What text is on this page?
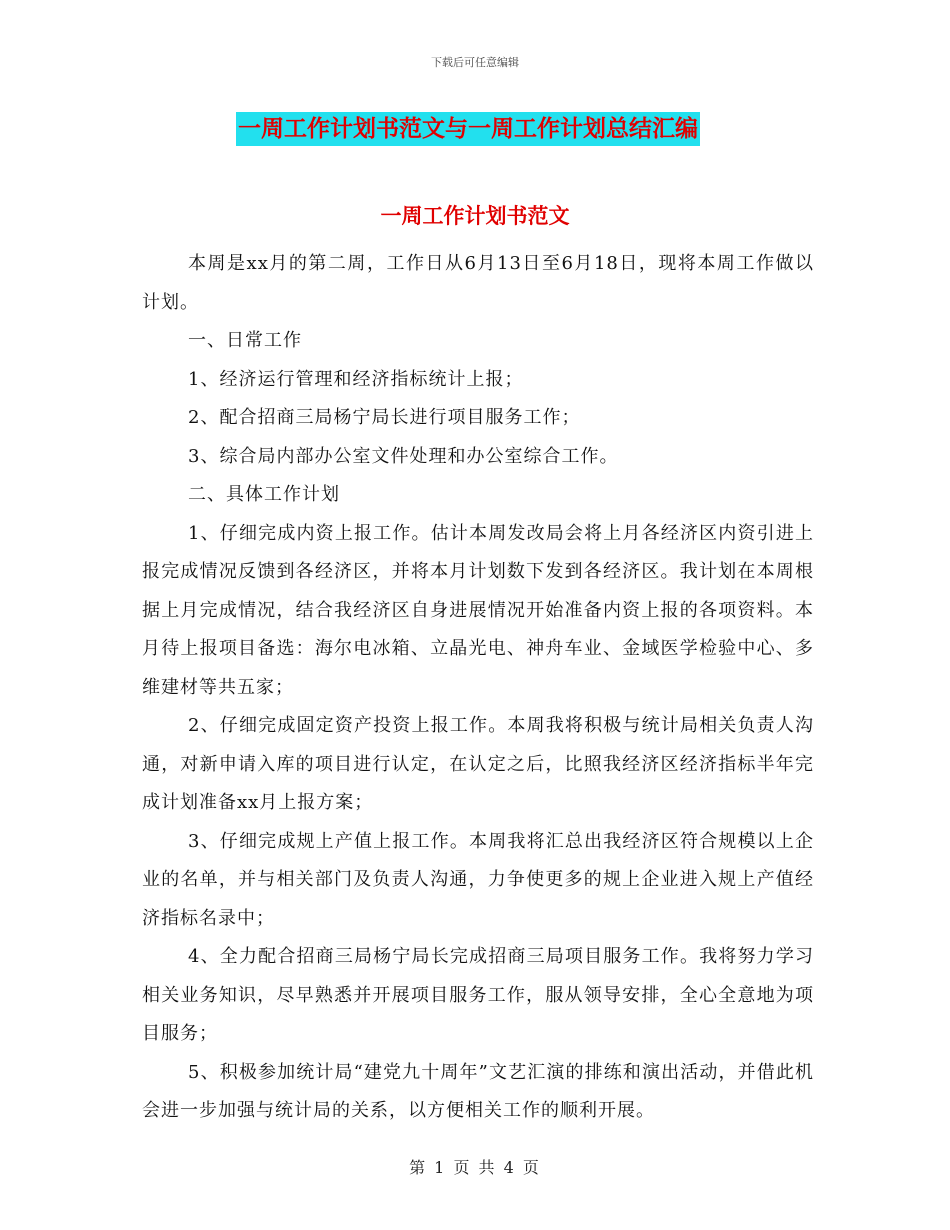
下载后可任意编辑
一周工作计划书范文与一周工作计划总结汇编
一周工作计划书范文

本周是xx月的第二周，工作日从6月13日至6月18日，现将本周工作做以计划。

一、日常工作

1、经济运行管理和经济指标统计上报；

2、配合招商三局杨宁局长进行项目服务工作；

3、综合局内部办公室文件处理和办公室综合工作。

二、具体工作计划

1、仔细完成内资上报工作。估计本周发改局会将上月各经济区内资引进上报完成情况反馈到各经济区，并将本月计划数下发到各经济区。我计划在本周根据上月完成情况，结合我经济区自身进展情况开始准备内资上报的各项资料。本月待上报项目备选：海尔电冰箱、立晶光电、神舟车业、金域医学检验中心、多维建材等共五家；

2、仔细完成固定资产投资上报工作。本周我将积极与统计局相关负责人沟通，对新申请入库的项目进行认定，在认定之后，比照我经济区经济指标半年完成计划准备xx月上报方案；

3、仔细完成规上产值上报工作。本周我将汇总出我经济区符合规模以上企业的名单，并与相关部门及负责人沟通，力争使更多的规上企业进入规上产值经济指标名录中；

4、全力配合招商三局杨宁局长完成招商三局项目服务工作。我将努力学习相关业务知识，尽早熟悉并开展项目服务工作，服从领导安排，全心全意地为项目服务；

5、积极参加统计局“建党九十周年”文艺汇演的排练和演出活动，并借此机会进一步加强与统计局的关系，以方便相关工作的顺利开展。

第 1 页 共 4 页
